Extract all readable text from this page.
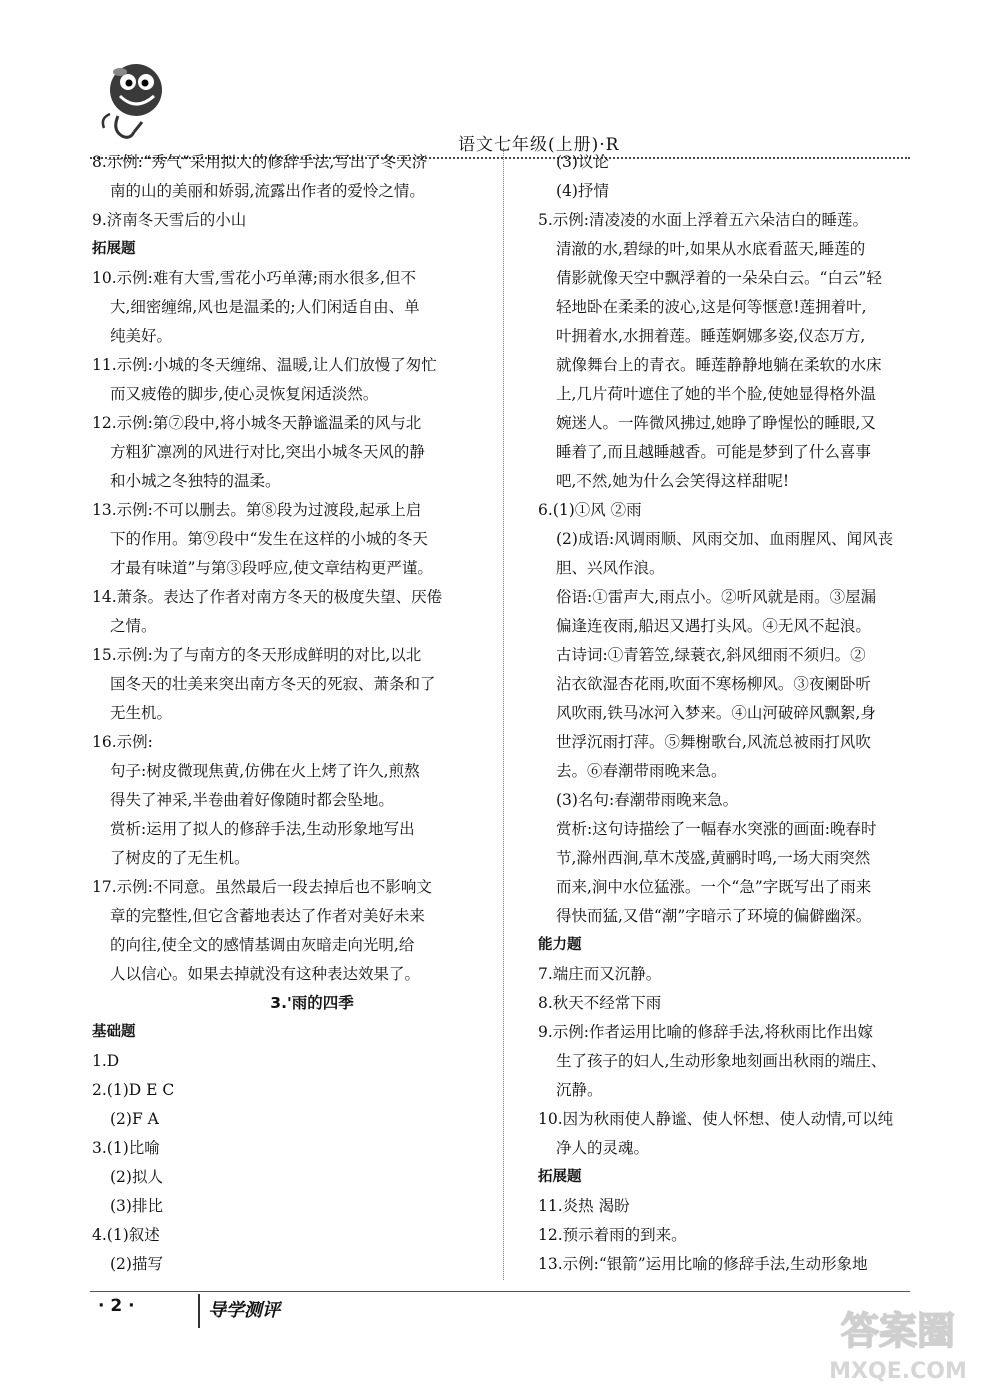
语文七年级(上册)·R
8.示例:“秀气”采用拟人的修辞手法,写出了冬天济
南的山的美丽和娇弱,流露出作者的爱怜之情。
9.济南冬天雪后的小山
拓展题
10.示例:难有大雪,雪花小巧单薄;雨水很多,但不
大,细密缠绵,风也是温柔的;人们闲适自由、单
纯美好。
11.示例:小城的冬天缠绵、温暖,让人们放慢了匆忙
而又疲倦的脚步,使心灵恢复闲适淡然。
12.示例:第⑦段中,将小城冬天静谧温柔的风与北
方粗犷凛冽的风进行对比,突出小城冬天风的静
和小城之冬独特的温柔。
13.示例:不可以删去。第⑧段为过渡段,起承上启
下的作用。第⑨段中“发生在这样的小城的冬天
才最有味道”与第③段呼应,使文章结构更严谨。
14.萧条。表达了作者对南方冬天的极度失望、厌倦
之情。
15.示例:为了与南方的冬天形成鲜明的对比,以北
国冬天的壮美来突出南方冬天的死寂、萧条和了
无生机。
16.示例:
句子:树皮微现焦黄,仿佛在火上烤了许久,煎熬
得失了神采,半卷曲着好像随时都会坠地。
赏析:运用了拟人的修辞手法,生动形象地写出
了树皮的了无生机。
17.示例:不同意。虽然最后一段去掉后也不影响文
章的完整性,但它含蓄地表达了作者对美好未来
的向往,使全文的感情基调由灰暗走向光明,给
人以信心。如果去掉就没有这种表达效果了。
3.'雨的四季
基础题
1.D
2.(1)D E C
(2)F A
3.(1)比喻
(2)拟人
(3)排比
4.(1)叙述
(2)描写
(3)议论
(4)抒情
5.示例:清凌凌的水面上浮着五六朵洁白的睡莲。
清澈的水,碧绿的叶,如果从水底看蓝天,睡莲的
倩影就像天空中飘浮着的一朵朵白云。“白云”轻
轻地卧在柔柔的波心,这是何等惬意!莲拥着叶,
叶拥着水,水拥着莲。睡莲婀娜多姿,仪态万方,
就像舞台上的青衣。睡莲静静地躺在柔软的水床
上,几片荷叶遮住了她的半个脸,使她显得格外温
婉迷人。一阵微风拂过,她睁了睁惺忪的睡眼,又
睡着了,而且越睡越香。可能是梦到了什么喜事
吧,不然,她为什么会笑得这样甜呢!
6.(1)①风 ②雨
(2)成语:风调雨顺、风雨交加、血雨腥风、闻风丧
胆、兴风作浪。
俗语:①雷声大,雨点小。②听风就是雨。③屋漏
偏逢连夜雨,船迟又遇打头风。④无风不起浪。
古诗词:①青箬笠,绿蓑衣,斜风细雨不须归。②
沾衣欲湿杏花雨,吹面不寒杨柳风。③夜阑卧听
风吹雨,铁马冰河入梦来。④山河破碎风飘絮,身
世浮沉雨打萍。⑤舞榭歌台,风流总被雨打风吹
去。⑥春潮带雨晚来急。
(3)名句:春潮带雨晚来急。
赏析:这句诗描绘了一幅春水突涨的画面:晚春时
节,滁州西涧,草木茂盛,黄鹂时鸣,一场大雨突然
而来,涧中水位猛涨。一个“急”字既写出了雨来
得快而猛,又借“潮”字暗示了环境的偏僻幽深。
能力题
7.端庄而又沉静。
8.秋天不经常下雨
9.示例:作者运用比喻的修辞手法,将秋雨比作出嫁
生了孩子的妇人,生动形象地刻画出秋雨的端庄、
沉静。
10.因为秋雨使人静谧、使人怀想、使人动情,可以纯
净人的灵魂。
拓展题
11.炎热 渴盼
12.预示着雨的到来。
13.示例:“银箭”运用比喻的修辞手法,生动形象地
· 2 ·	导学测评	答案圈
MXQE.COM
